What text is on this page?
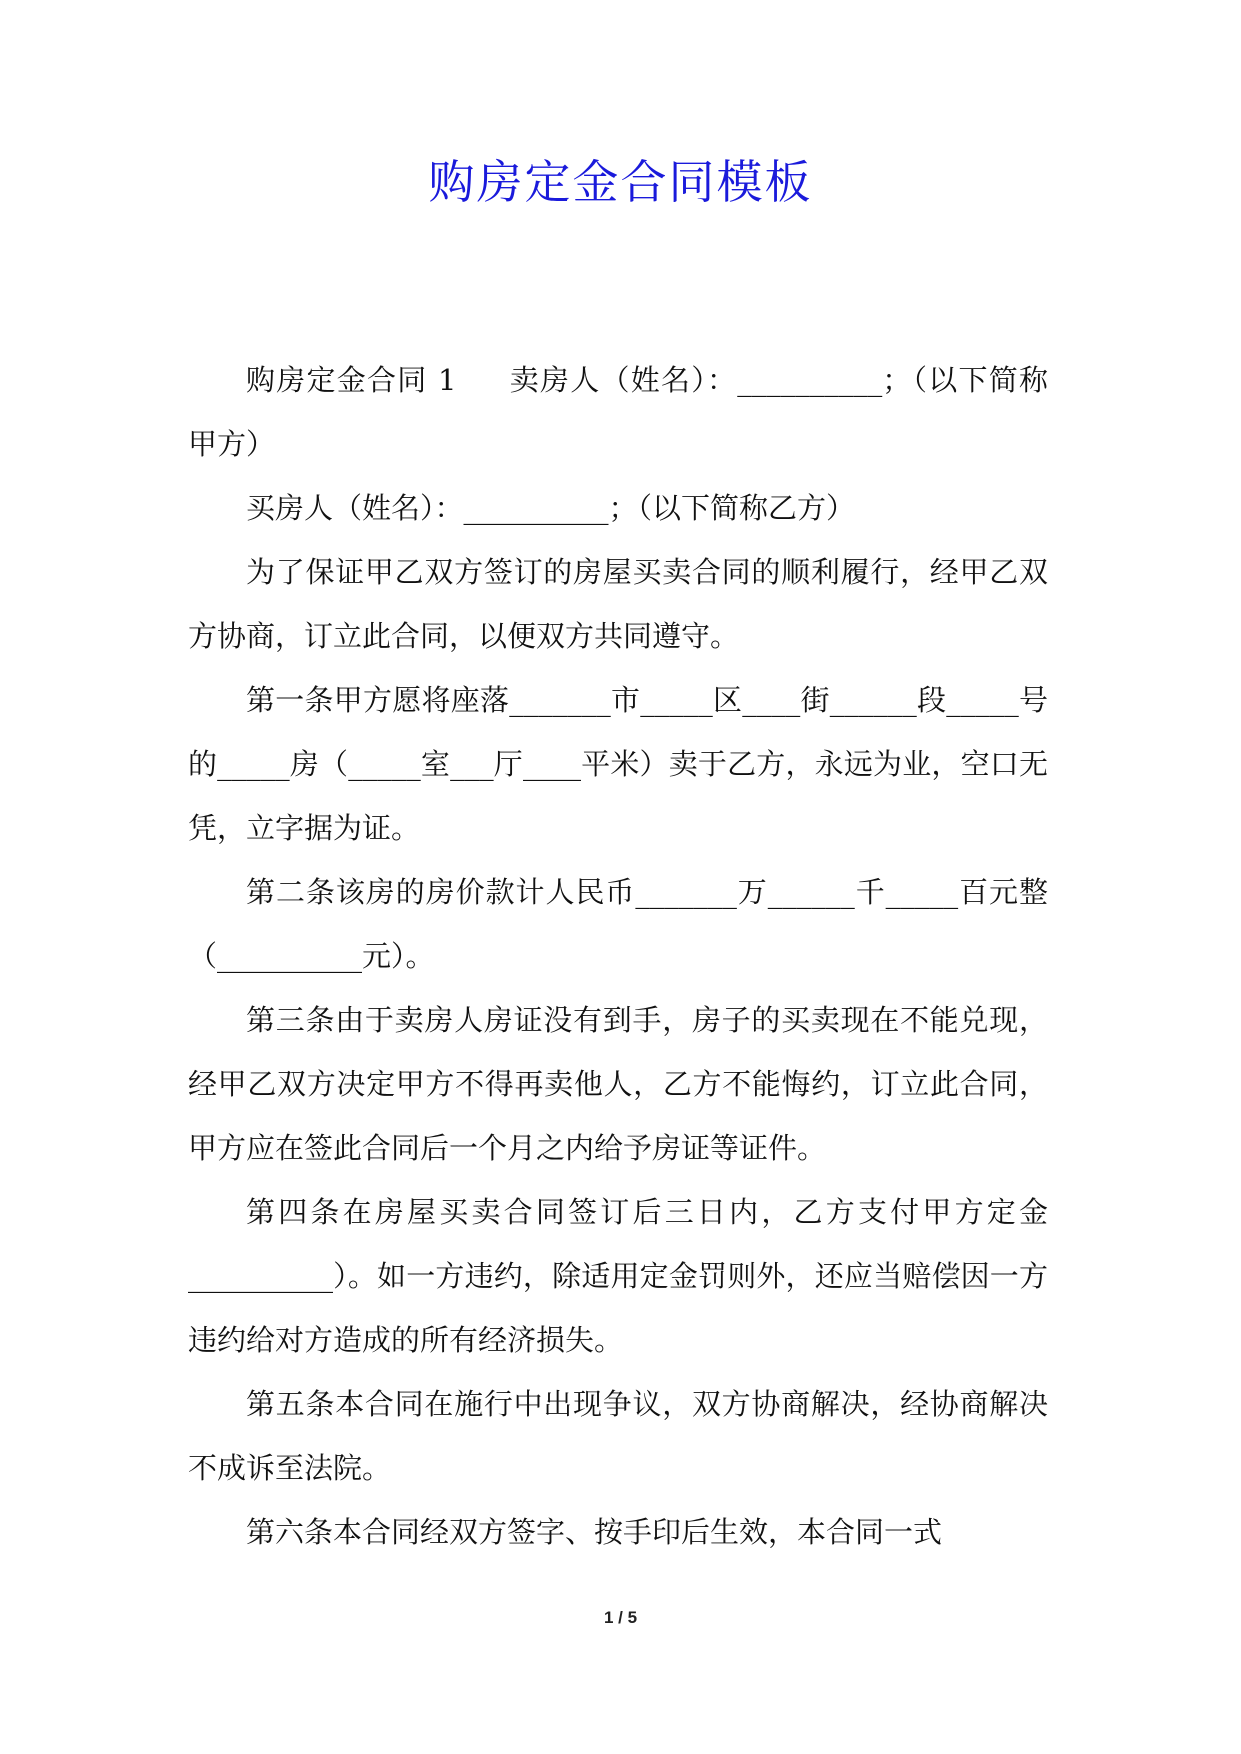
购房定金合同模板

购房定金合同 1 卖房人（姓名）：__________；（以下简称甲方）

买房人（姓名）：__________；（以下简称乙方）

为了保证甲乙双方签订的房屋买卖合同的顺利履行，经甲乙双方协商，订立此合同，以便双方共同遵守。

第一条甲方愿将座落_______市_____区____街______段_____号的_____房（_____室___厅____平米）卖于乙方，永远为业，空口无凭，立字据为证。

第二条该房的房价款计人民币_______万______千_____百元整（__________元）。

第三条由于卖房人房证没有到手，房子的买卖现在不能兑现，经甲乙双方决定甲方不得再卖他人，乙方不能悔约，订立此合同，甲方应在签此合同后一个月之内给予房证等证件。

第四条在房屋买卖合同签订后三日内，乙方支付甲方定金__________）。如一方违约，除适用定金罚则外，还应当赔偿因一方违约给对方造成的所有经济损失。

第五条本合同在施行中出现争议，双方协商解决，经协商解决不成诉至法院。

第六条本合同经双方签字、按手印后生效，本合同一式

1 / 5
